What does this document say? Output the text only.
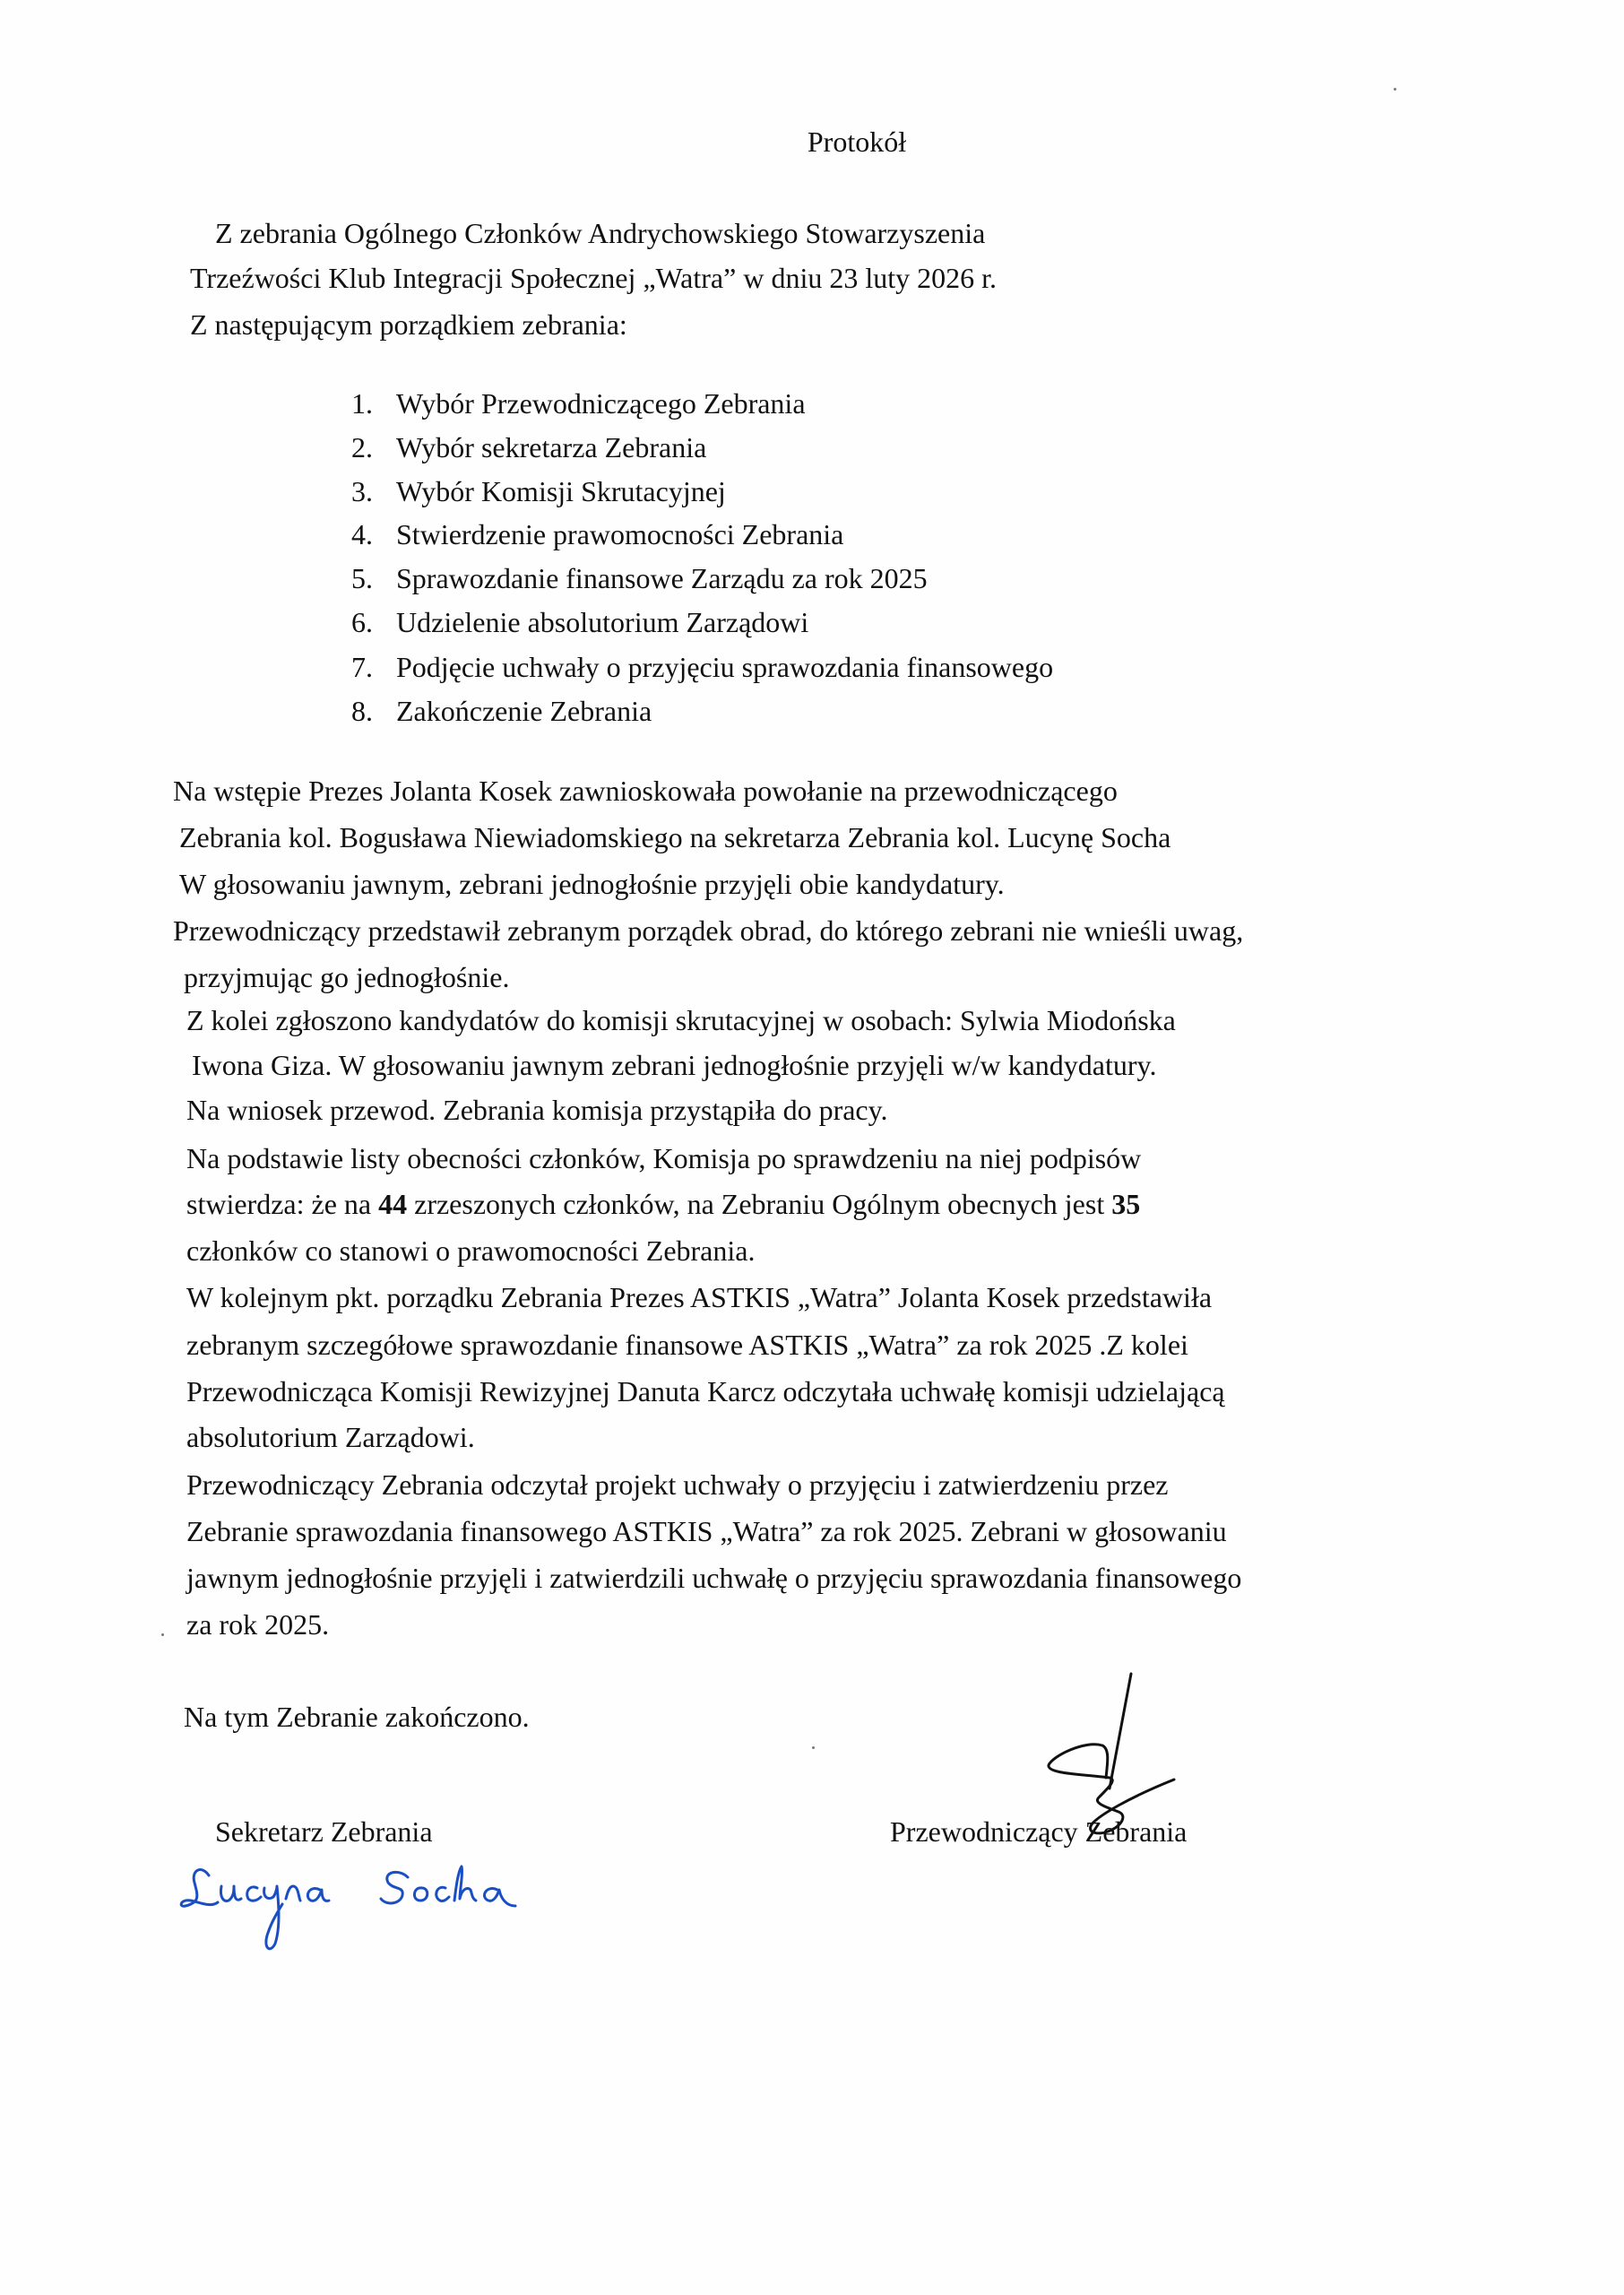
Protokół
Z zebrania Ogólnego Członków Andrychowskiego Stowarzyszenia
Trzeźwości Klub Integracji Społecznej „Watra” w dniu 23 luty 2026 r.
Z następującym porządkiem zebrania:
1. Wybór Przewodniczącego Zebrania
2. Wybór sekretarza Zebrania
3. Wybór Komisji Skrutacyjnej
4. Stwierdzenie prawomocności Zebrania
5. Sprawozdanie finansowe Zarządu za rok 2025
6. Udzielenie absolutorium Zarządowi
7. Podjęcie uchwały o przyjęciu sprawozdania finansowego
8. Zakończenie Zebrania
Na wstępie Prezes Jolanta Kosek zawnioskowała powołanie na przewodniczącego
Zebrania kol. Bogusława Niewiadomskiego na sekretarza Zebrania kol. Lucynę Socha
W głosowaniu jawnym, zebrani jednogłośnie przyjęli obie kandydatury.
Przewodniczący przedstawił zebranym porządek obrad, do którego zebrani nie wnieśli uwag,
przyjmując go jednogłośnie.
Z kolei zgłoszono kandydatów do komisji skrutacyjnej w osobach: Sylwia Miodońska
Iwona Giza. W głosowaniu jawnym zebrani jednogłośnie przyjęli w/w kandydatury.
Na wniosek przewod. Zebrania komisja przystąpiła do pracy.
Na podstawie listy obecności członków, Komisja po sprawdzeniu na niej podpisów
stwierdza: że na 44 zrzeszonych członków, na Zebraniu Ogólnym obecnych jest 35
członków co stanowi o prawomocności Zebrania.
W kolejnym pkt. porządku Zebrania Prezes ASTKIS „Watra” Jolanta Kosek przedstawiła
zebranym szczegółowe sprawozdanie finansowe ASTKIS „Watra” za rok 2025 .Z kolei
Przewodnicząca Komisji Rewizyjnej Danuta Karcz odczytała uchwałę komisji udzielającą
absolutorium Zarządowi.
Przewodniczący Zebrania odczytał projekt uchwały o przyjęciu i zatwierdzeniu przez
Zebranie sprawozdania finansowego ASTKIS „Watra” za rok 2025. Zebrani w głosowaniu
jawnym jednogłośnie przyjęli i zatwierdzili uchwałę o przyjęciu sprawozdania finansowego
za rok 2025.
Na tym Zebranie zakończono.
Sekretarz Zebrania	Przewodniczący Zebrania
